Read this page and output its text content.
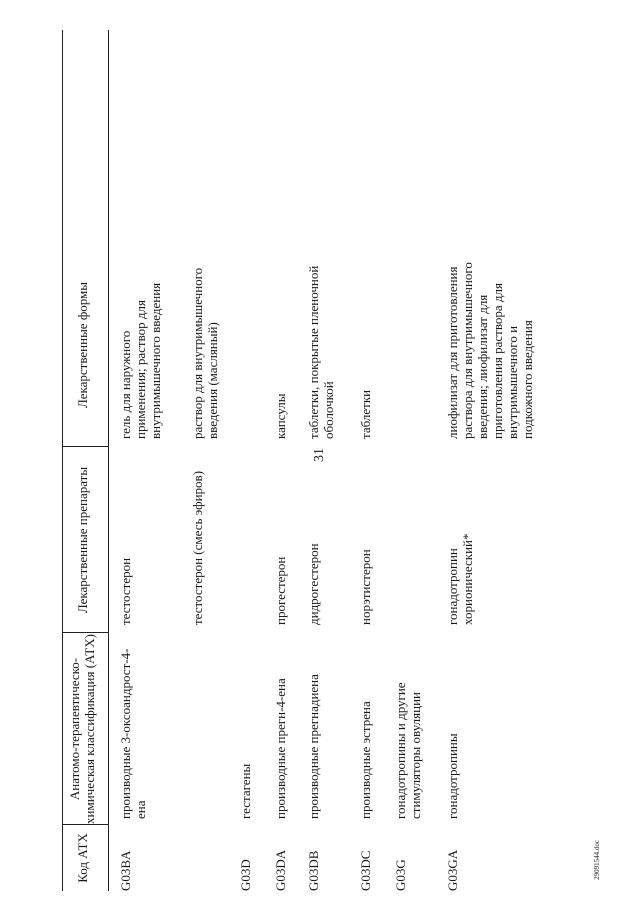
31
29091544.doc
Код АТХ
Анатомо-терапевтическо-химическая классификация (АТХ)
Лекарственные препараты
Лекарственные формы
G03BA
производные 3-оксоандрост-4-ена
тестостерон
гель для наружного применения; раствор для внутримышечного введения
тестостерон (смесь эфиров)
раствор для внутримышечного введения (масляный)
G03D
гестагены
G03DA
производные прегн-4-ена
прогестерон
капсулы
G03DB
производные прегнадиена
дидрогестерон
таблетки, покрытые пленочной оболочкой
G03DC
производные эстрена
норэтистерон
таблетки
G03G
гонадотропины и другие стимуляторы овуляции
G03GA
гонадотропины
гонадотропин хорионический*
лиофилизат для приготовления раствора для внутримышечного введения; лиофилизат для приготовления раствора для внутримышечного и подкожного введения
